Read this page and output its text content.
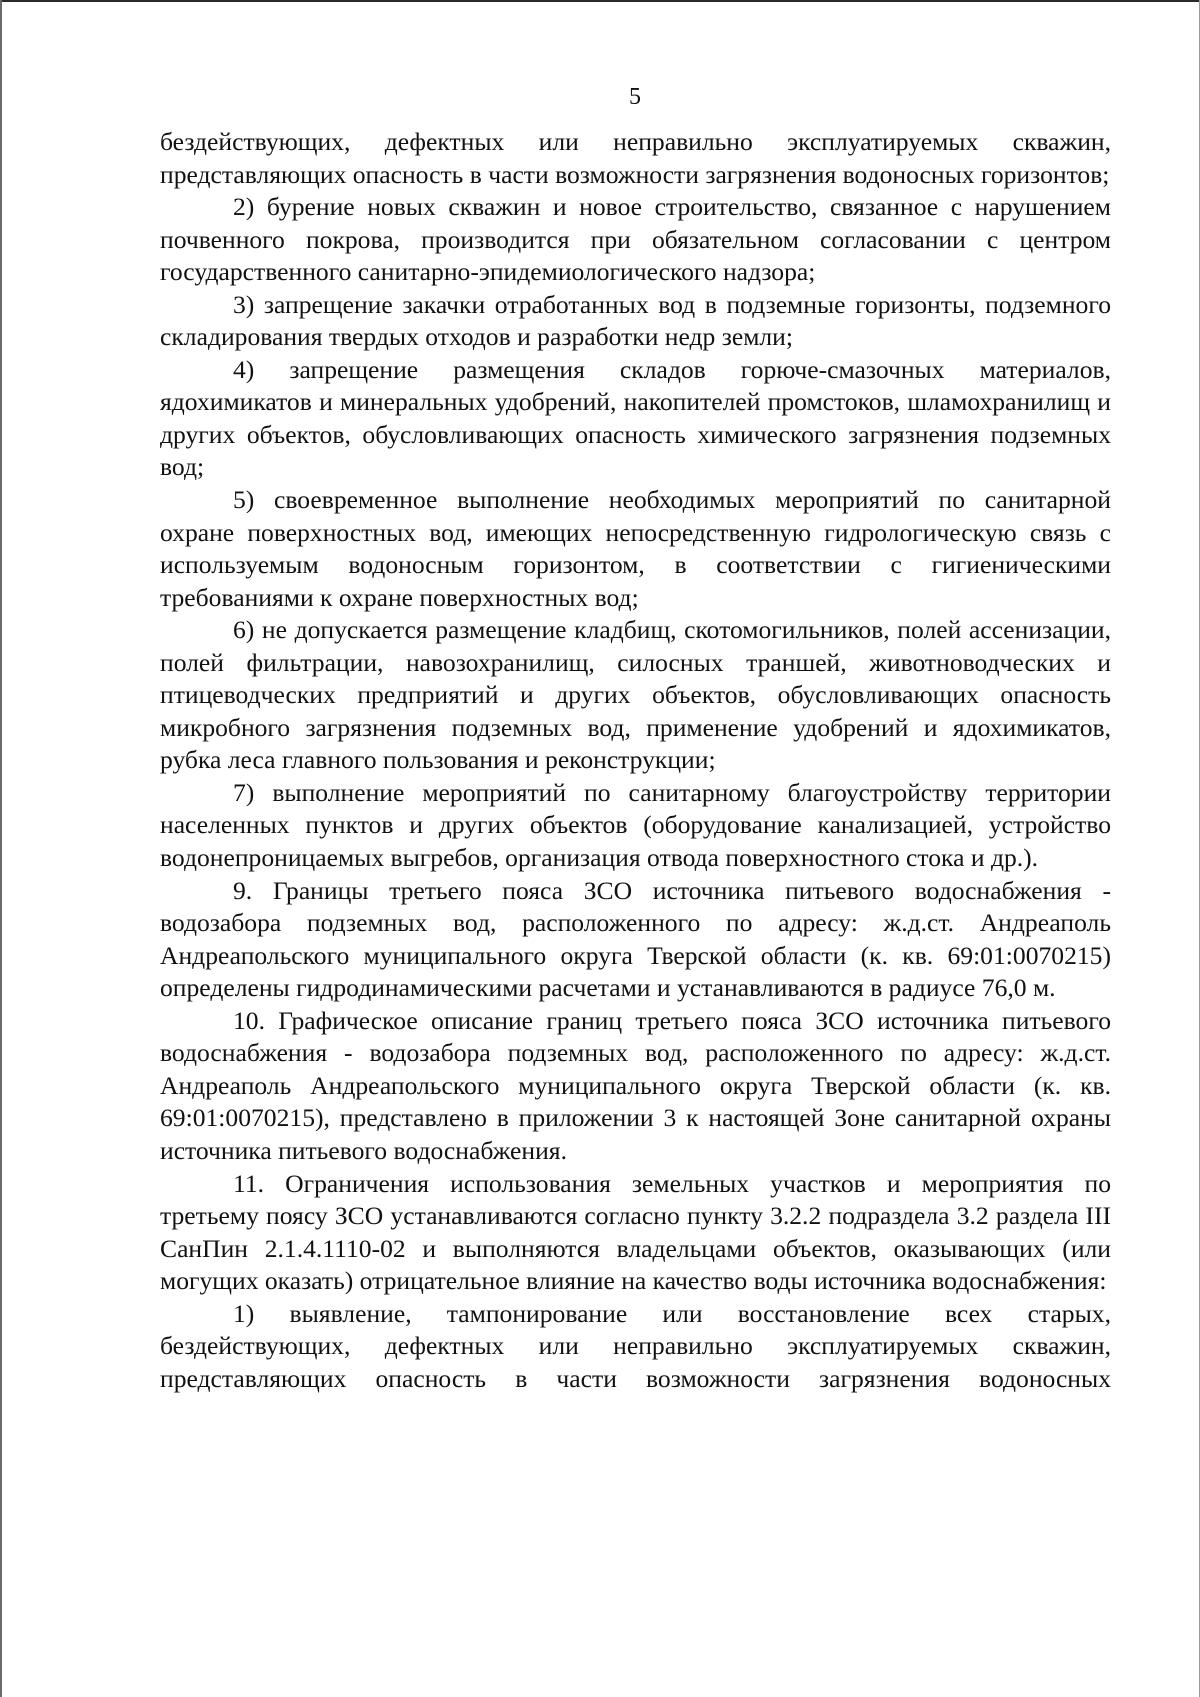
5

бездействующих, дефектных или неправильно эксплуатируемых скважин, представляющих опасность в части возможности загрязнения водоносных горизонтов;

2) бурение новых скважин и новое строительство, связанное с нарушением почвенного покрова, производится при обязательном согласовании с центром государственного санитарно-эпидемиологического надзора;

3) запрещение закачки отработанных вод в подземные горизонты, подземного складирования твердых отходов и разработки недр земли;

4) запрещение размещения складов горюче-смазочных материалов, ядохимикатов и минеральных удобрений, накопителей промстоков, шламохранилищ и других объектов, обусловливающих опасность химического загрязнения подземных вод;

5) своевременное выполнение необходимых мероприятий по санитарной охране поверхностных вод, имеющих непосредственную гидрологическую связь с используемым водоносным горизонтом, в соответствии с гигиеническими требованиями к охране поверхностных вод;

6) не допускается размещение кладбищ, скотомогильников, полей ассенизации, полей фильтрации, навозохранилищ, силосных траншей, животноводческих и птицеводческих предприятий и других объектов, обусловливающих опасность микробного загрязнения подземных вод, применение удобрений и ядохимикатов, рубка леса главного пользования и реконструкции;

7) выполнение мероприятий по санитарному благоустройству территории населенных пунктов и других объектов (оборудование канализацией, устройство водонепроницаемых выгребов, организация отвода поверхностного стока и др.).

9. Границы третьего пояса ЗСО источника питьевого водоснабжения - водозабора подземных вод, расположенного по адресу: ж.д.ст. Андреаполь Андреапольского муниципального округа Тверской области (к. кв. 69:01:0070215) определены гидродинамическими расчетами и устанавливаются в радиусе 76,0 м.

10. Графическое описание границ третьего пояса ЗСО источника питьевого водоснабжения - водозабора подземных вод, расположенного по адресу: ж.д.ст. Андреаполь Андреапольского муниципального округа Тверской области (к. кв. 69:01:0070215), представлено в приложении 3 к настоящей Зоне санитарной охраны источника питьевого водоснабжения.

11. Ограничения использования земельных участков и мероприятия по третьему поясу ЗСО устанавливаются согласно пункту 3.2.2 подраздела 3.2 раздела III СанПин 2.1.4.1110-02 и выполняются владельцами объектов, оказывающих (или могущих оказать) отрицательное влияние на качество воды источника водоснабжения:

1) выявление, тампонирование или восстановление всех старых, бездействующих, дефектных или неправильно эксплуатируемых скважин, представляющих опасность в части возможности загрязнения водоносных
